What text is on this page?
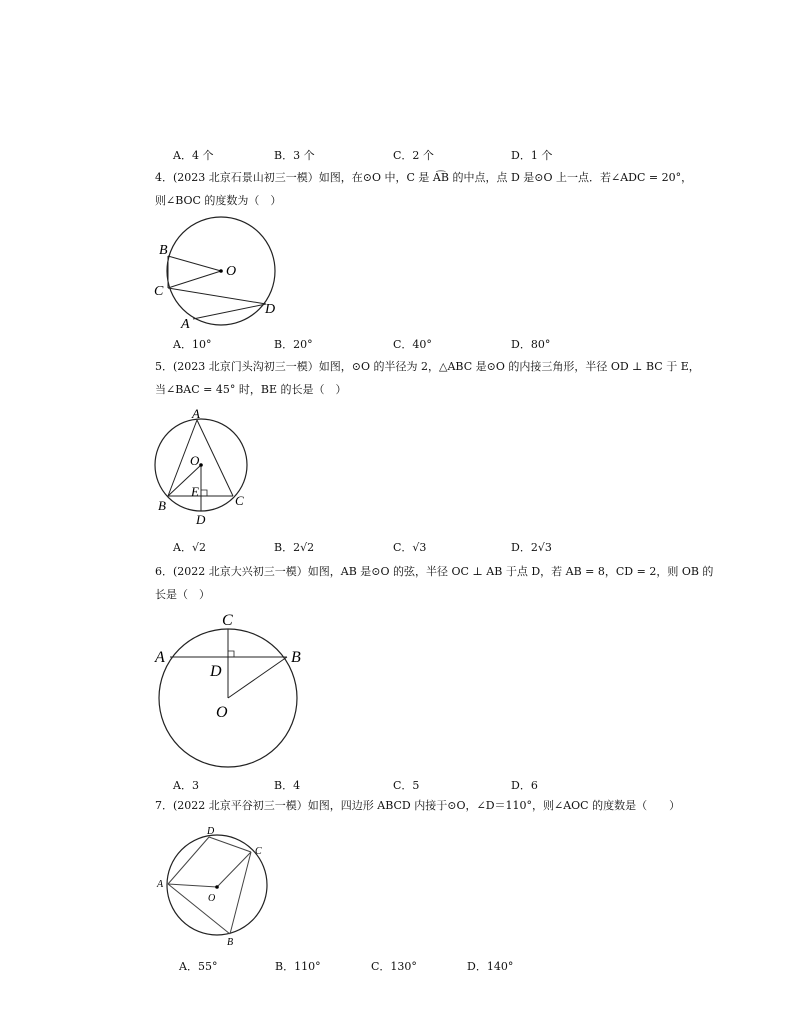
A．4 个	B．3 个	C．2 个	D．1 个
4．(2023 北京石景山初三一模）如图，在⊙O 中，C 是 A͡B 的中点，点 D 是⊙O 上一点．若∠ADC = 20°，
则∠BOC 的度数为（　）
B
O
C
D
A
A．10°	B．20°	C．40°	D．80°
5．(2023 北京门头沟初三一模）如图，⊙O 的半径为 2，△ABC 是⊙O 的内接三角形，半径 OD ⊥ BC 于 E，
当∠BAC = 45° 时，BE 的长是（　）
A
O
E
B	C
D
A．√2	B．2√2	C．√3	D．2√3
6．(2022 北京大兴初三一模）如图，AB 是⊙O 的弦，半径 OC ⊥ AB 于点 D，若 AB = 8，CD = 2，则 OB 的
长是（　）
C
A	B
D
O
A．3	B．4	C．5	D．6
7．(2022 北京平谷初三一模）如图，四边形 ABCD 内接于⊙O，∠D＝110°，则∠AOC 的度数是（　　）
D
C
A
O
B
A．55°	B．110°	C．130°	D．140°
